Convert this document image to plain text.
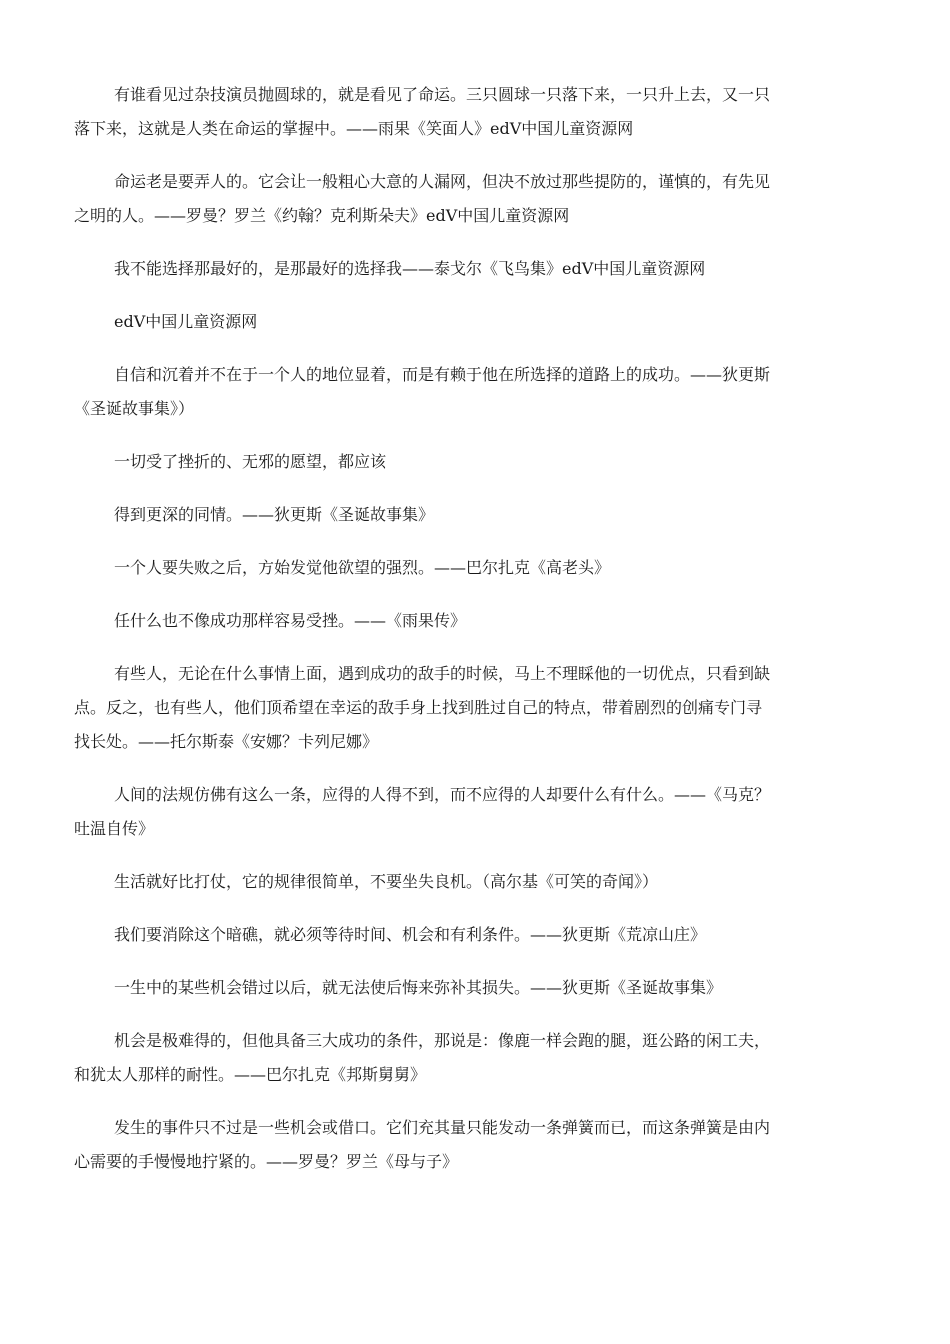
有谁看见过杂技演员抛圆球的，就是看见了命运。三只圆球一只落下来，一只升上去，又一只
落下来，这就是人类在命运的掌握中。——雨果《笑面人》edV中国儿童资源网

命运老是要弄人的。它会让一般粗心大意的人漏网，但决不放过那些提防的，谨慎的，有先见
之明的人。——罗曼？罗兰《约翰？克利斯朵夫》edV中国儿童资源网

我不能选择那最好的，是那最好的选择我——泰戈尔《飞鸟集》edV中国儿童资源网

edV中国儿童资源网

自信和沉着并不在于一个人的地位显着，而是有赖于他在所选择的道路上的成功。——狄更斯
《圣诞故事集》）

一切受了挫折的、无邪的愿望，都应该

得到更深的同情。——狄更斯《圣诞故事集》

一个人要失败之后，方始发觉他欲望的强烈。——巴尔扎克《高老头》

任什么也不像成功那样容易受挫。——《雨果传》

有些人，无论在什么事情上面，遇到成功的敌手的时候，马上不理睬他的一切优点，只看到缺
点。反之，也有些人，他们顶希望在幸运的敌手身上找到胜过自己的特点，带着剧烈的创痛专门寻
找长处。——托尔斯泰《安娜？卡列尼娜》

人间的法规仿佛有这么一条，应得的人得不到，而不应得的人却要什么有什么。——《马克？
吐温自传》

生活就好比打仗，它的规律很简单，不要坐失良机。（高尔基《可笑的奇闻》）

我们要消除这个暗礁，就必须等待时间、机会和有利条件。——狄更斯《荒凉山庄》

一生中的某些机会错过以后，就无法使后悔来弥补其损失。——狄更斯《圣诞故事集》

机会是极难得的，但他具备三大成功的条件，那说是：像鹿一样会跑的腿，逛公路的闲工夫，
和犹太人那样的耐性。——巴尔扎克《邦斯舅舅》

发生的事件只不过是一些机会或借口。它们充其量只能发动一条弹簧而已，而这条弹簧是由内
心需要的手慢慢地拧紧的。——罗曼？罗兰《母与子》
